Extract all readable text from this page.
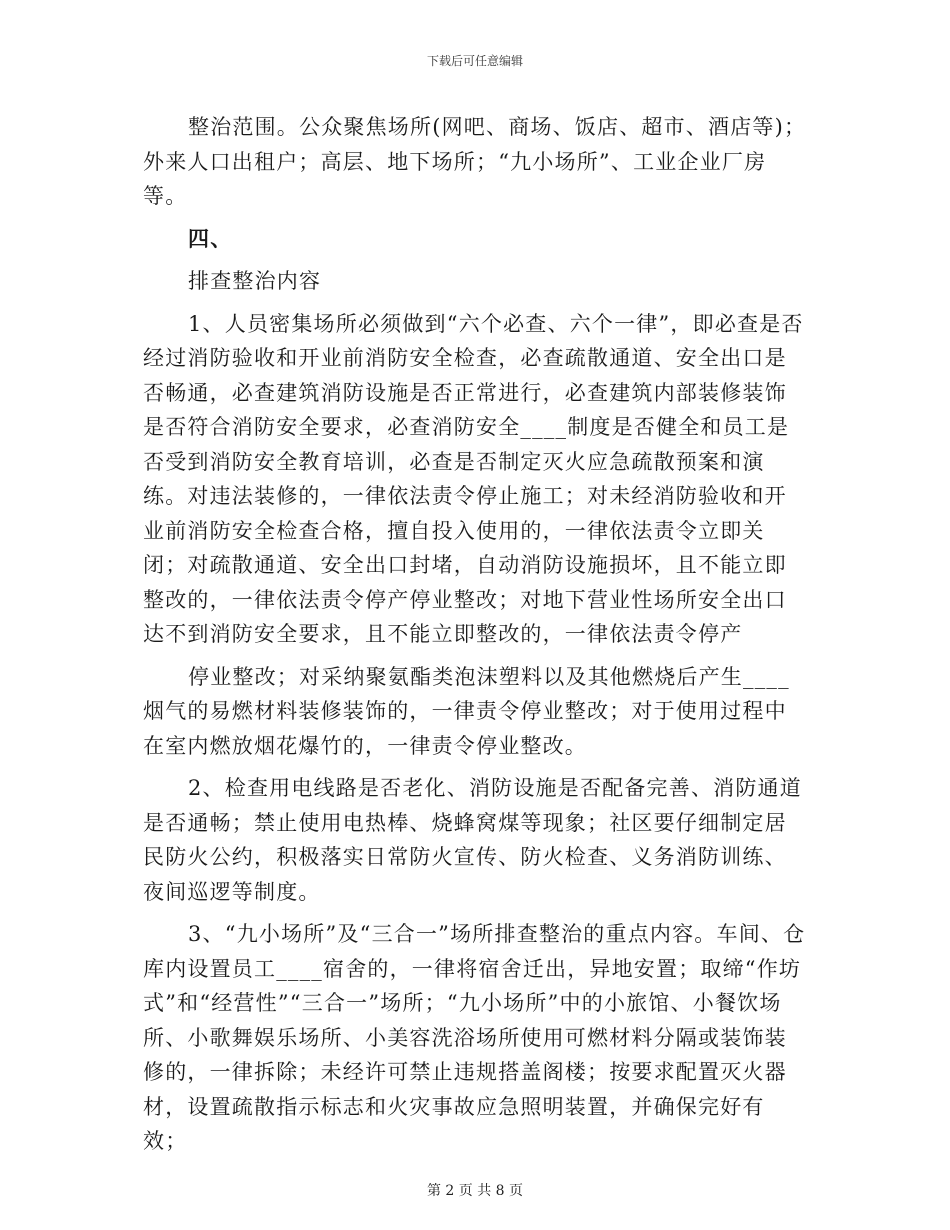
下载后可任意编辑

整治范围。公众聚焦场所(网吧、商场、饭店、超市、酒店等)；外来人口出租户；高层、地下场所；“九小场所”、工业企业厂房等。

四、

排查整治内容

1、人员密集场所必须做到“六个必查、六个一律”，即必查是否经过消防验收和开业前消防安全检查，必查疏散通道、安全出口是否畅通，必查建筑消防设施是否正常进行，必查建筑内部装修装饰是否符合消防安全要求，必查消防安全____制度是否健全和员工是否受到消防安全教育培训，必查是否制定灭火应急疏散预案和演练。对违法装修的，一律依法责令停止施工；对未经消防验收和开业前消防安全检查合格，擅自投入使用的，一律依法责令立即关闭；对疏散通道、安全出口封堵，自动消防设施损坏，且不能立即整改的，一律依法责令停产停业整改；对地下营业性场所安全出口达不到消防安全要求，且不能立即整改的，一律依法责令停产

停业整改；对采纳聚氨酯类泡沫塑料以及其他燃烧后产生____烟气的易燃材料装修装饰的，一律责令停业整改；对于使用过程中在室内燃放烟花爆竹的，一律责令停业整改。

2、检查用电线路是否老化、消防设施是否配备完善、消防通道是否通畅；禁止使用电热棒、烧蜂窝煤等现象；社区要仔细制定居民防火公约，积极落实日常防火宣传、防火检查、义务消防训练、夜间巡逻等制度。

3、“九小场所”及“三合一”场所排查整治的重点内容。车间、仓库内设置员工____宿舍的，一律将宿舍迁出，异地安置；取缔“作坊式”和“经营性”“三合一”场所；“九小场所”中的小旅馆、小餐饮场所、小歌舞娱乐场所、小美容洗浴场所使用可燃材料分隔或装饰装修的，一律拆除；未经许可禁止违规搭盖阁楼；按要求配置灭火器材，设置疏散指示标志和火灾事故应急照明装置，并确保完好有效；

第 2 页 共 8 页
